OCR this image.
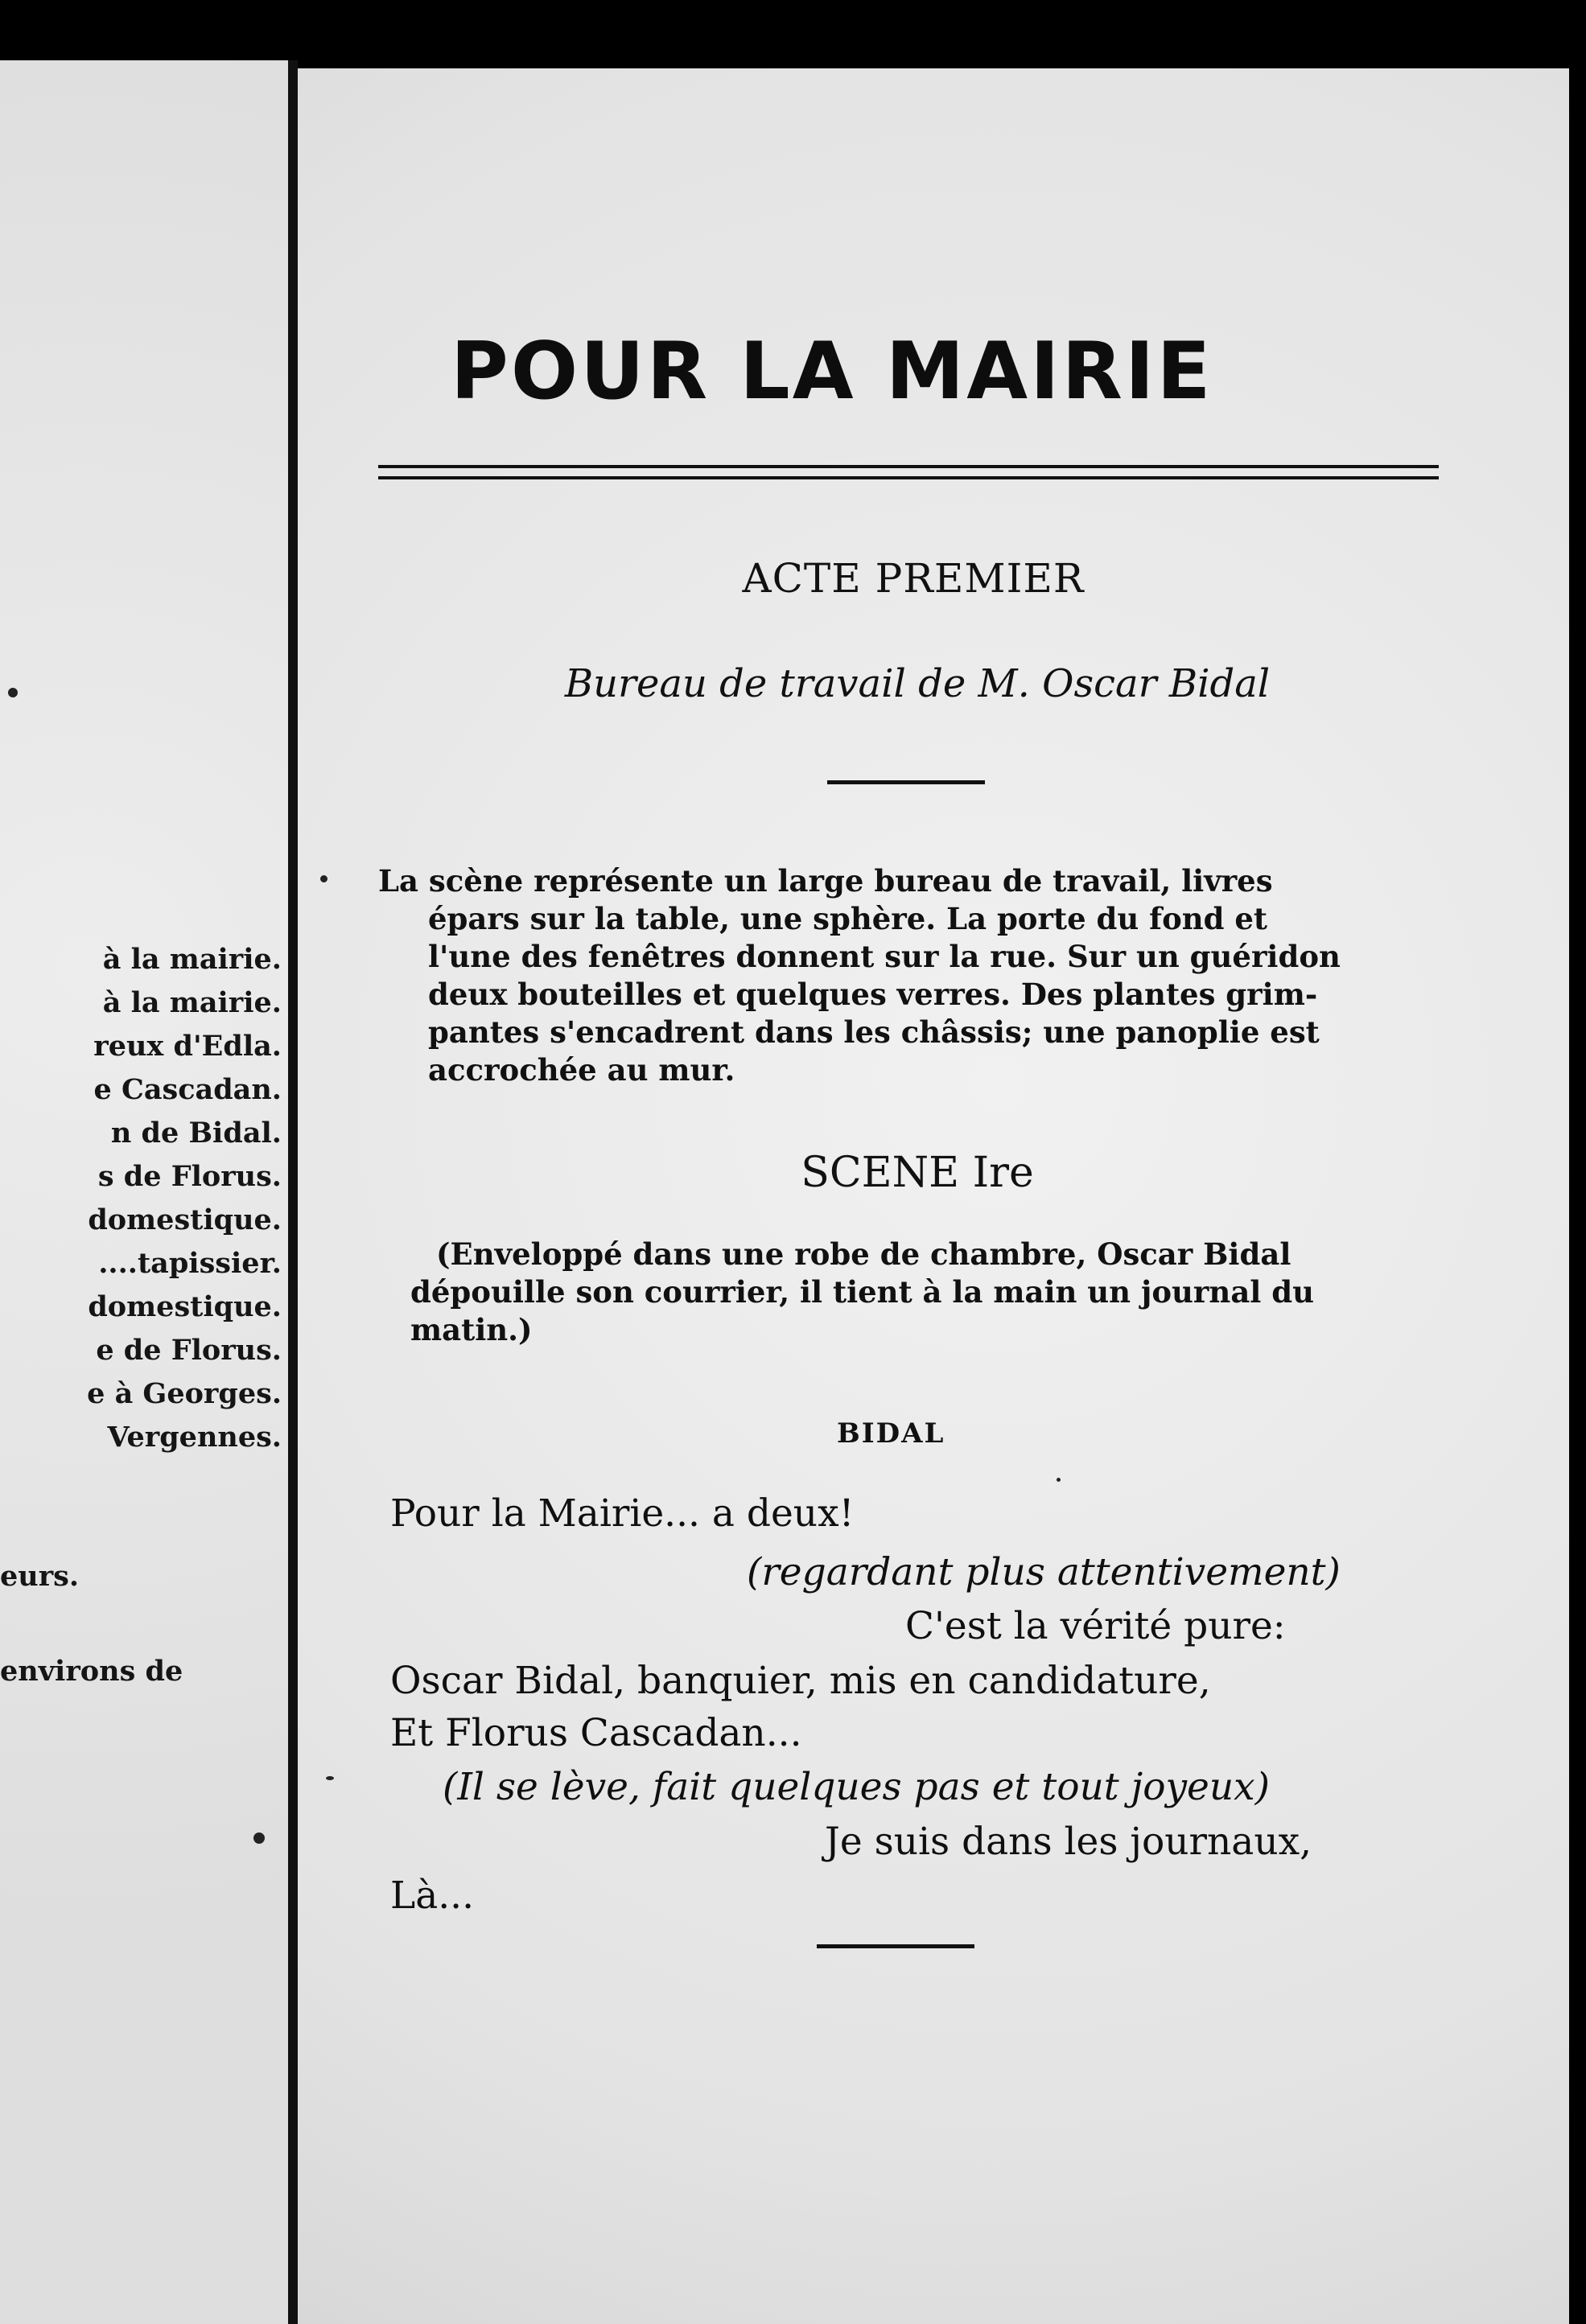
à la mairie.
à la mairie.
reux d'Edla.
e Cascadan.
n de Bidal.
s de Florus.
domestique.
....tapissier.
domestique.
e de Florus.
e à Georges.
Vergennes.
eurs.
environs de
POUR LA MAIRIE
ACTE PREMIER
Bureau de travail de M. Oscar Bidal
La scène représente un large bureau de travail, livres
épars sur la table, une sphère. La porte du fond et
l'une des fenêtres donnent sur la rue. Sur un guéridon
deux bouteilles et quelques verres. Des plantes grim-
pantes s'encadrent dans les châssis; une panoplie est
accrochée au mur.
SCENE Ire
(Enveloppé dans une robe de chambre, Oscar Bidal
dépouille son courrier, il tient à la main un journal du
matin.)
BIDAL
Pour la Mairie... a deux!
(regardant plus attentivement)
C'est la vérité pure:
Oscar Bidal, banquier, mis en candidature,
Et Florus Cascadan...
(Il se lève, fait quelques pas et tout joyeux)
Je suis dans les journaux,
Là...
